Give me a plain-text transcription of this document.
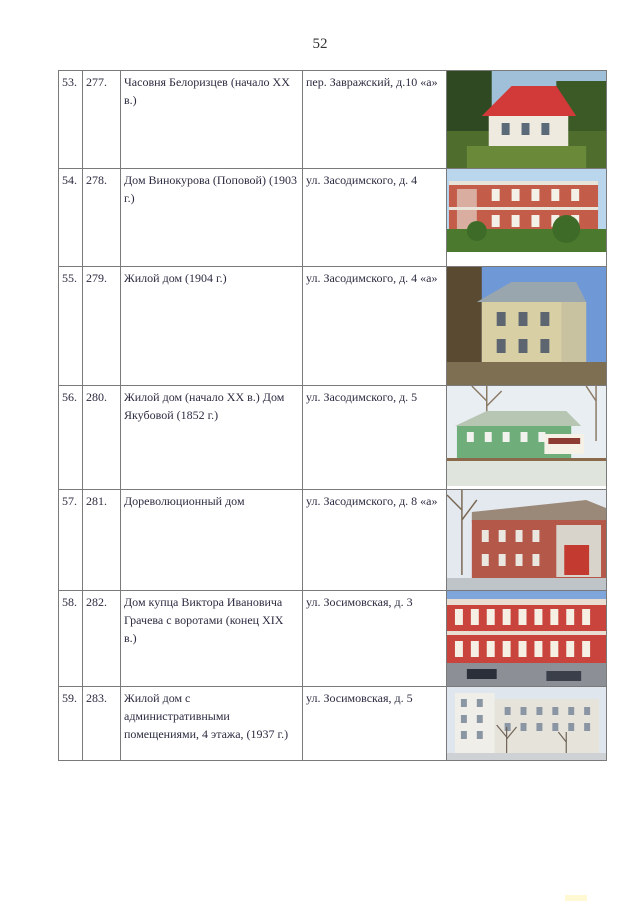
52
53.	277.	Часовня Белоризцев (начало XX в.)	пер. Завражский, д.10 «а»	

54.	278.	Дом Винокурова (Поповой) (1903 г.)	ул. Засодимского, д. 4	

55.	279.	Жилой дом (1904 г.)	ул. Засодимского, д. 4 «а»	

56.	280.	Жилой дом (начало XX в.) Дом Якубовой (1852 г.)	ул. Засодимского, д. 5	

57.	281.	Дореволюционный дом	ул. Засодимского, д. 8 «а»	

58.	282.	Дом купца Виктора Ивановича Грачева с воротами (конец XIX в.)	ул. Зосимовская, д. 3	

59.	283.	Жилой дом с административными помещениями, 4 этажа, (1937 г.)	ул. Зосимовская, д. 5	
